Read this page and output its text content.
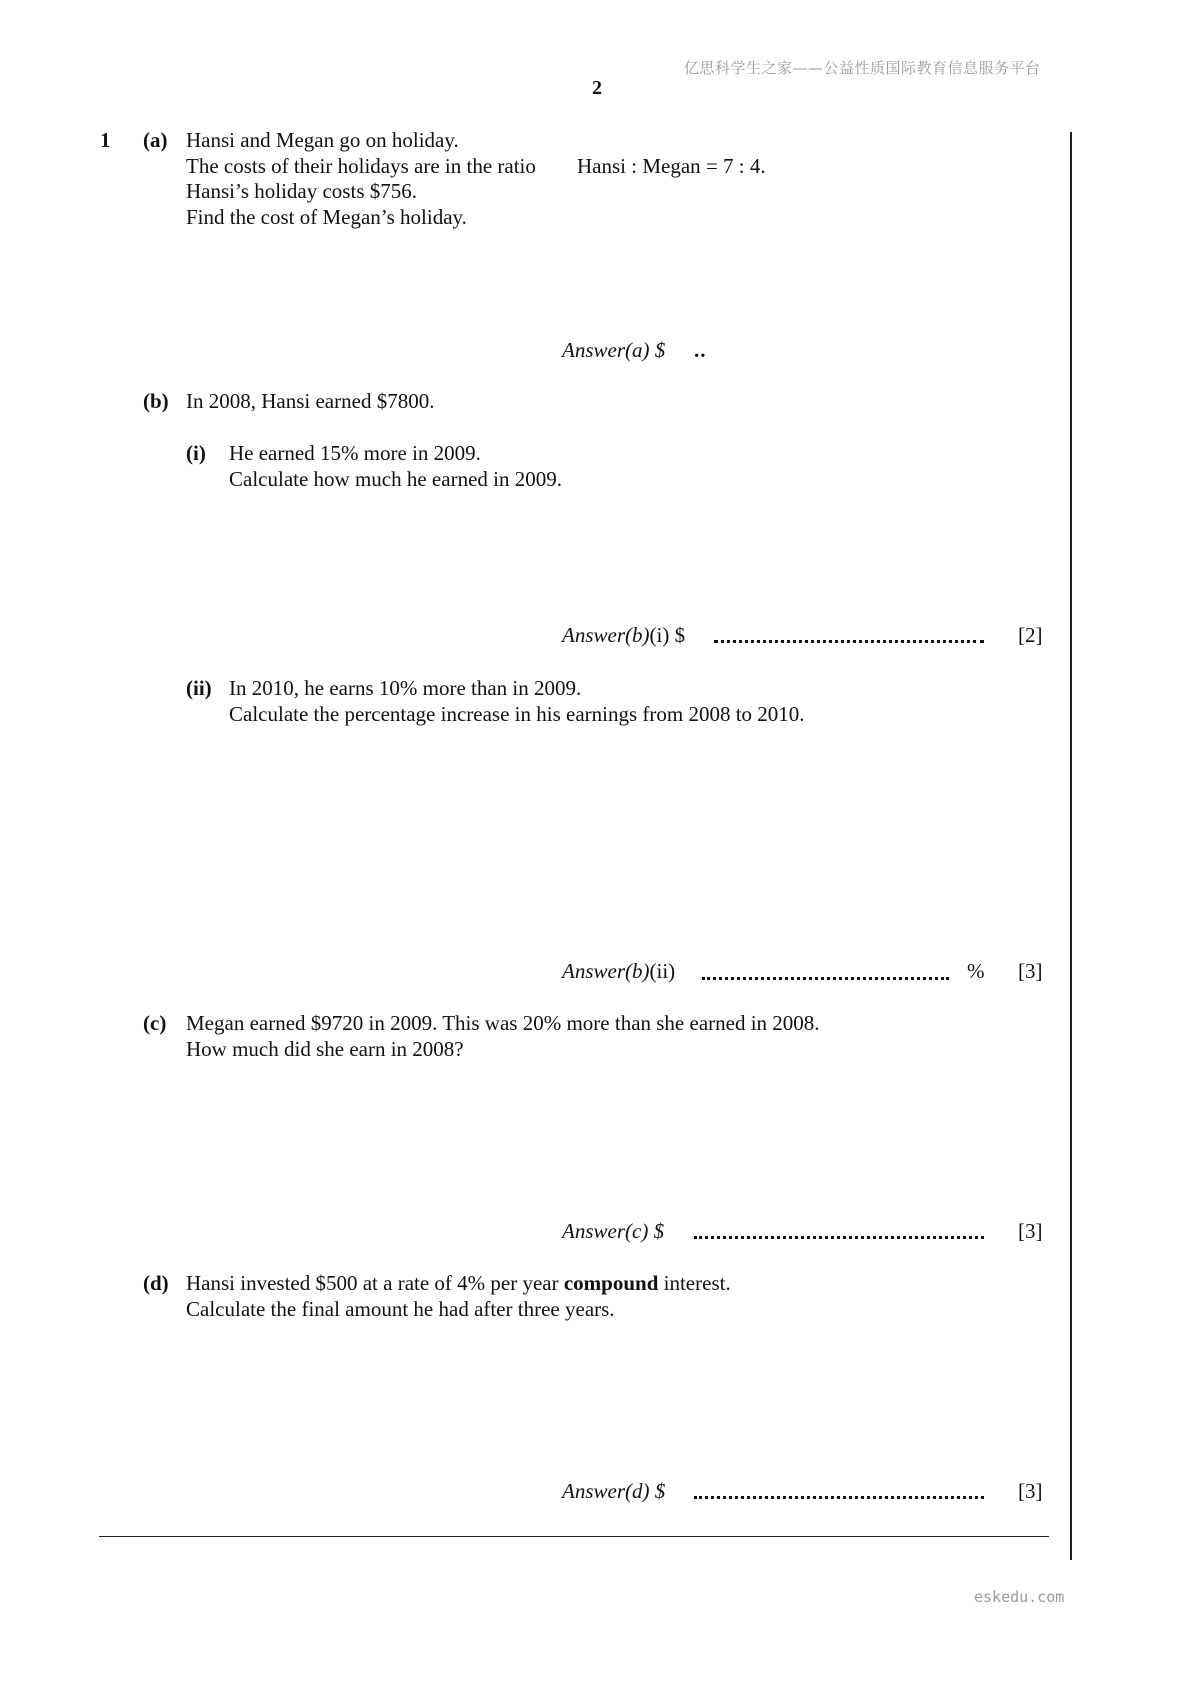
亿思科学生之家——公益性质国际教育信息服务平台
2
1 (a) Hansi and Megan go on holiday.
The costs of their holidays are in the ratio Hansi : Megan = 7 : 4.
Hansi’s holiday costs $756.
Find the cost of Megan’s holiday.
Answer(a) $ ..
(b) In 2008, Hansi earned $7800.
(i) He earned 15% more in 2009.
Calculate how much he earned in 2009.
Answer(b)(i) $	[2]
(ii) In 2010, he earns 10% more than in 2009.
Calculate the percentage increase in his earnings from 2008 to 2010.
Answer(b)(ii)	% [3]
(c) Megan earned $9720 in 2009. This was 20% more than she earned in 2008.
How much did she earn in 2008?
Answer(c) $	[3]
(d) Hansi invested $500 at a rate of 4% per year compound interest.
Calculate the final amount he had after three years.
Answer(d) $	[3]
eskedu.com
